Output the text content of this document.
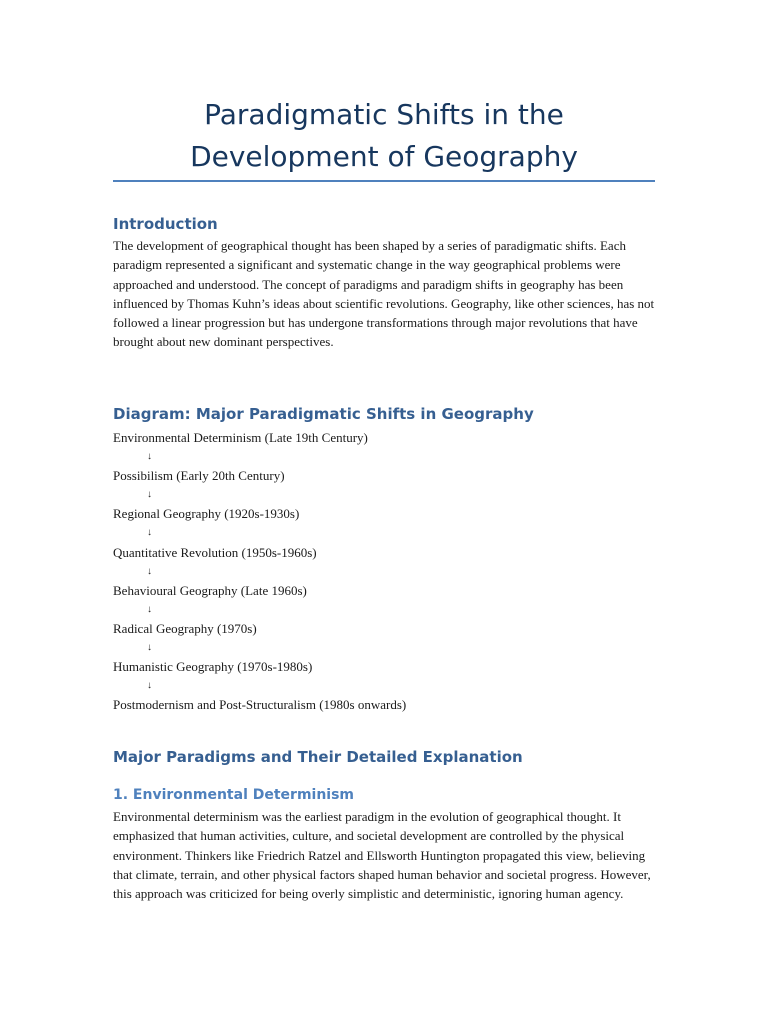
Paradigmatic Shifts in the Development of Geography
Introduction

The development of geographical thought has been shaped by a series of paradigmatic shifts. Each paradigm represented a significant and systematic change in the way geographical problems were approached and understood. The concept of paradigms and paradigm shifts in geography has been influenced by Thomas Kuhn’s ideas about scientific revolutions. Geography, like other sciences, has not followed a linear progression but has undergone transformations through major revolutions that have brought about new dominant perspectives.

Diagram: Major Paradigmatic Shifts in Geography
Environmental Determinism (Late 19th Century)
↓
Possibilism (Early 20th Century)
↓
Regional Geography (1920s-1930s)
↓
Quantitative Revolution (1950s-1960s)
↓
Behavioural Geography (Late 1960s)
↓
Radical Geography (1970s)
↓
Humanistic Geography (1970s-1980s)
↓
Postmodernism and Post-Structuralism (1980s onwards)
Major Paradigms and Their Detailed Explanation
1. Environmental Determinism

Environmental determinism was the earliest paradigm in the evolution of geographical thought. It emphasized that human activities, culture, and societal development are controlled by the physical environment. Thinkers like Friedrich Ratzel and Ellsworth Huntington propagated this view, believing that climate, terrain, and other physical factors shaped human behavior and societal progress. However, this approach was criticized for being overly simplistic and deterministic, ignoring human agency.
